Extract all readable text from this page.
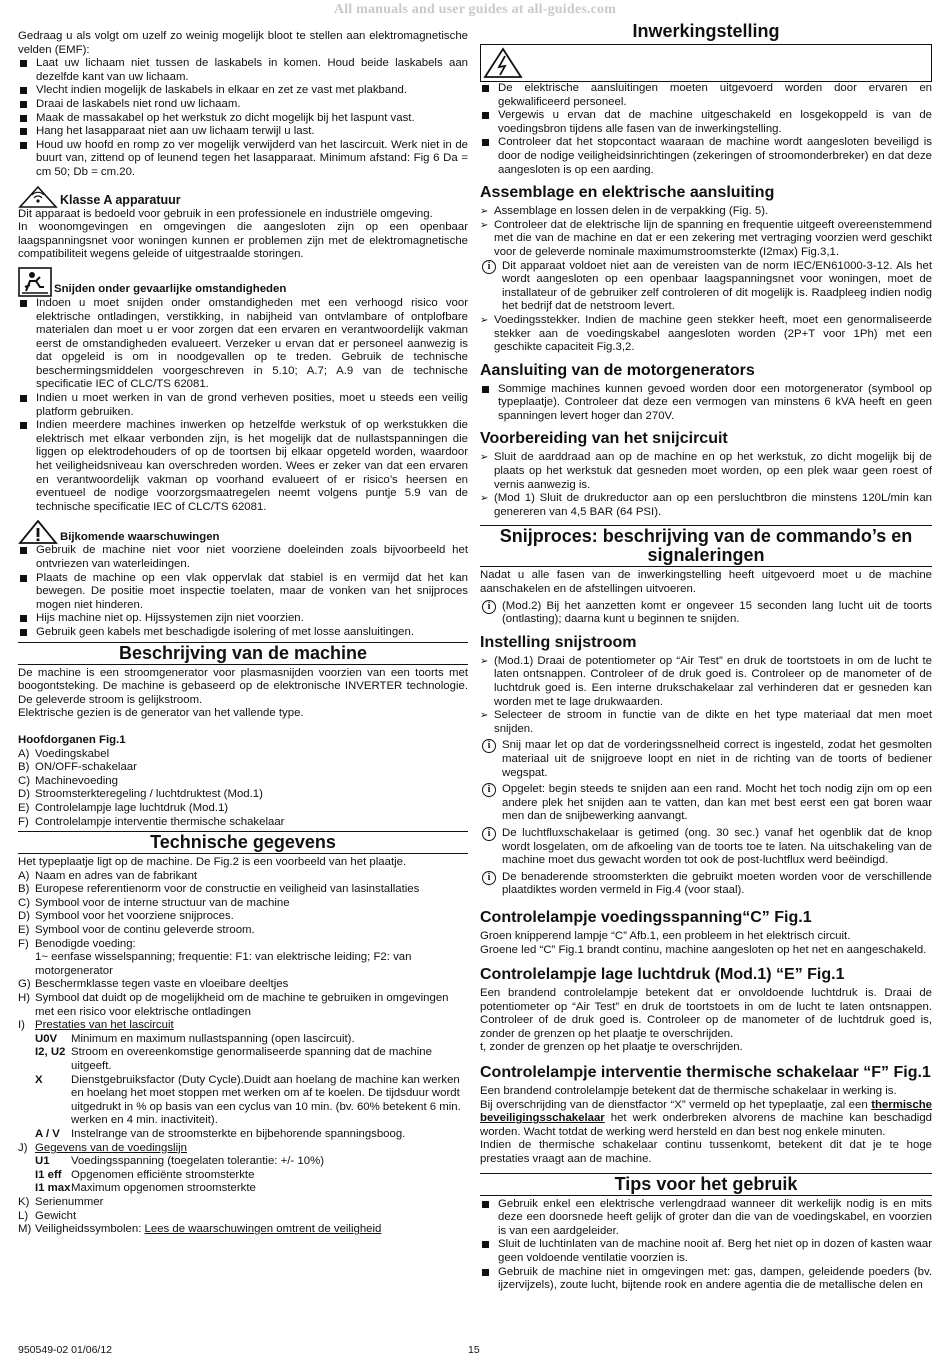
All manuals and user guides at all-guides.com

Gedraag u als volgt om uzelf zo weinig mogelijk bloot te stellen aan elektromagnetische velden (EMF):

Laat uw lichaam niet tussen de laskabels in komen. Houd beide laskabels aan dezelfde kant van uw lichaam.
Vlecht indien mogelijk de laskabels in elkaar en zet ze vast met plakband.
Draai de laskabels niet rond uw lichaam.
Maak de massakabel op het werkstuk zo dicht mogelijk bij het laspunt vast.
Hang het lasapparaat niet aan uw lichaam terwijl u last.
Houd uw hoofd en romp zo ver mogelijk verwijderd van het lascircuit. Werk niet in de buurt van, zittend op of leunend tegen het lasapparaat. Minimum afstand: Fig 6 Da = cm 50; Db = cm.20.
Klasse A apparatuur

Dit apparaat is bedoeld voor gebruik in een professionele en industriële omgeving.

In woonomgevingen en omgevingen die aangesloten zijn op een openbaar laagspanningsnet voor woningen kunnen er problemen zijn met de elektromagnetische compatibiliteit wegens geleide of uitgestraalde storingen.

Snijden onder gevaarlijke omstandigheden
Indoen u moet snijden onder omstandigheden met een verhoogd risico voor elektrische ontladingen, verstikking, in nabijheid van ontvlambare of ontplofbare materialen dan moet u er voor zorgen dat een ervaren en verantwoordelijk vakman eerst de omstandigheden evalueert. Verzeker u ervan dat er personeel aanwezig is dat opgeleid is om in noodgevallen op te treden. Gebruik de technische beschermingsmiddelen voorgeschreven in 5.10; A.7; A.9 van de technische specificatie IEC of CLC/TS 62081.
Indien u moet werken in van de grond verheven posities, moet u steeds een veilig platform gebruiken.
Indien meerdere machines inwerken op hetzelfde werkstuk of op werkstukken die elektrisch met elkaar verbonden zijn, is het mogelijk dat de nullastspanningen die liggen op elektrodehouders of op de toortsen bij elkaar opgeteld worden, waardoor het veiligheidsniveau kan overschreden worden. Wees er zeker van dat een ervaren en verantwoordelijk vakman op voorhand evalueert of er risico’s heersen en eventueel de nodige voorzorgsmaatregelen neemt volgens puntje 5.9 van de technische specificatie IEC of CLC/TS 62081.
Bijkomende waarschuwingen
Gebruik de machine niet voor niet voorziene doeleinden zoals bijvoorbeeld het ontvriezen van waterleidingen.
Plaats de machine op een vlak oppervlak dat stabiel is en vermijd dat het kan bewegen. De positie moet inspectie toelaten, maar de vonken van het snijproces mogen niet hinderen.
Hijs machine niet op. Hijssystemen zijn niet voorzien.
Gebruik geen kabels met beschadigde isolering of met losse aansluitingen.
Beschrijving van de machine

De machine is een stroomgenerator voor plasmasnijden voorzien van een toorts met boogontsteking. De machine is gebaseerd op de elektronische INVERTER technologie. De geleverde stroom is gelijkstroom.

Elektrische gezien is de generator van het vallende type.

Hoofdorganen Fig.1
A) Voedingskabel
B) ON/OFF-schakelaar
C) Machinevoeding
D) Stroomsterkteregeling / luchtdruktest (Mod.1)
E) Controlelampje lage luchtdruk (Mod.1)
F) Controlelampje interventie thermische schakelaar
Technische gegevens

Het typeplaatje ligt op de machine. De Fig.2 is een voorbeeld van het plaatje.

A) Naam en adres van de fabrikant
B) Europese referentienorm voor de constructie en veiligheid van lasinstallaties
C) Symbool voor de interne structuur van de machine
D) Symbool voor het voorziene snijproces.
E) Symbool voor de continu geleverde stroom.
F) Benodigde voeding:
1~ eenfase wisselspanning; frequentie: F1: van elektrische leiding; F2: van motorgenerator
G) Beschermklasse tegen vaste en vloeibare deeltjes
H) Symbool dat duidt op de mogelijkheid om de machine te gebruiken in omgevingen met een risico voor elektrische ontladingen
I) Prestaties van het lascircuit
U0V	Minimum en maximum nullastspanning (open lascircuit).
I2, U2 Stroom en overeenkomstige genormaliseerde spanning dat de machine uitgeeft.
X	Dienstgebruiksfactor (Duty Cycle).Duidt aan hoelang de machine kan werken en hoelang het moet stoppen met werken om af te koelen. De tijdsduur wordt uitgedrukt in % op basis van een cyclus van 10 min. (bv. 60% betekent 6 min. werken en 4 min. inactiviteit).
A / V Instelrange van de stroomsterkte en bijbehorende spanningsboog.
J) Gegevens van de voedingslijn
U1	Voedingsspanning (toegelaten tolerantie: +/- 10%)
I1 eff Opgenomen efficiënte stroomsterkte
I1 max Maximum opgenomen stroomsterkte
K) Serienummer
L) Gewicht
M) Veiligheidssymbolen: Lees de waarschuwingen omtrent de veiligheid
Inwerkingstelling
De elektrische aansluitingen moeten uitgevoerd worden door ervaren en gekwalificeerd personeel.
Vergewis u ervan dat de machine uitgeschakeld en losgekoppeld is van de voedingsbron tijdens alle fasen van de inwerkingstelling.
Controleer dat het stopcontact waaraan de machine wordt aangesloten beveiligd is door de nodige veiligheidsinrichtingen (zekeringen of stroomonderbreker) en dat deze aangesloten is op een aarding.
Assemblage en elektrische aansluiting
➢ Assemblage en lossen delen in de verpakking (Fig. 5).
➢ Controleer dat de elektrische lijn de spanning en frequentie uitgeeft overeenstemmend met die van de machine en dat er een zekering met vertraging voorzien werd geschikt voor de geleverde nominale maximumstroomsterkte (I2max) Fig.3,1.
i	Dit apparaat voldoet niet aan de vereisten van de norm IEC/EN61000-3-12. Als het wordt aangesloten op een openbaar laagspanningsnet voor woningen, moet de installateur of de gebruiker zelf controleren of dit mogelijk is. Raadpleeg indien nodig het bedrijf dat de netstroom levert.
➢ Voedingsstekker. Indien de machine geen stekker heeft, moet een genormaliseerde stekker aan de voedingskabel aangesloten worden (2P+T voor 1Ph) met een geschikte capaciteit Fig.3,2.
Aansluiting van de motorgenerators
Sommige machines kunnen gevoed worden door een motorgenerator (symbool op typeplaatje). Controleer dat deze een vermogen van minstens 6 kVA heeft en geen spanningen levert hoger dan 270V.
Voorbereiding van het snijcircuit
➢ Sluit de aarddraad aan op de machine en op het werkstuk, zo dicht mogelijk bij de plaats op het werkstuk dat gesneden moet worden, op een plek waar geen roest of vernis aanwezig is.
➢ (Mod 1) Sluit de drukreductor aan op een persluchtbron die minstens 120L/min kan genereren van 4,5 BAR (64 PSI).
Snijproces: beschrijving van de commando’s en signaleringen

Nadat u alle fasen van de inwerkingstelling heeft uitgevoerd moet u de machine aanschakelen en de afstellingen uitvoeren.

i	(Mod.2) Bij het aanzetten komt er ongeveer 15 seconden lang lucht uit de toorts (ontlasting); daarna kunt u beginnen te snijden.
Instelling snijstroom
➢ (Mod.1) Draai de potentiometer op “Air Test” en druk de toortstoets in om de lucht te laten ontsnappen. Controleer of de druk goed is. Controleer op de manometer of de luchtdruk goed is. Een interne drukschakelaar zal verhinderen dat er gesneden kan worden met te lage drukwaarden.
➢ Selecteer de stroom in functie van de dikte en het type materiaal dat men moet snijden.
i	Snij maar let op dat de vorderingssnelheid correct is ingesteld, zodat het gesmolten materiaal uit de snijgroeve loopt en niet in de richting van de toorts of bediener wegspat.
i	Opgelet: begin steeds te snijden aan een rand. Mocht het toch nodig zijn om op een andere plek het snijden aan te vatten, dan kan met best eerst een gat boren waar men dan de snijbewerking aanvangt.
i	De luchtfluxschakelaar is getimed (ong. 30 sec.) vanaf het ogenblik dat de knop wordt losgelaten, om de afkoeling van de toorts toe te laten. Na uitschakeling van de machine moet dus gewacht worden tot ook de post-luchtflux werd beëindigd.
i	De benaderende stroomsterkten die gebruikt moeten worden voor de verschillende plaatdiktes worden vermeld in Fig.4 (voor staal).
Controlelampje voedingsspanning“C” Fig.1

Groen knipperend lampje “C” Afb.1, een probleem in het elektrisch circuit.

Groene led “C” Fig.1 brandt continu, machine aangesloten op het net en aangeschakeld.

Controlelampje lage luchtdruk (Mod.1) “E” Fig.1

Een brandend controlelampje betekent dat er onvoldoende luchtdruk is. Draai de potentiometer op “Air Test” en druk de toortstoets in om de lucht te laten ontsnappen. Controleer of de druk goed is. Controleer op de manometer of de luchtdruk goed is, zonder de grenzen op het plaatje te overschrijden.

t, zonder de grenzen op het plaatje te overschrijden.

Controlelampje interventie thermische schakelaar “F” Fig.1

Een brandend controlelampje betekent dat de thermische schakelaar in werking is.

Bij overschrijding van de dienstfactor “X” vermeld op het typeplaatje, zal een thermische beveiligingsschakelaar het werk onderbreken alvorens de machine kan beschadigd worden. Wacht totdat de werking werd hersteld en dan best nog enkele minuten.

Indien de thermische schakelaar continu tussenkomt, betekent dit dat je te hoge prestaties vraagt aan de machine.

Tips voor het gebruik
Gebruik enkel een elektrische verlengdraad wanneer dit werkelijk nodig is en mits deze een doorsnede heeft gelijk of groter dan die van de voedingskabel, en voorzien is van een aardgeleider.
Sluit de luchtinlaten van de machine nooit af. Berg het niet op in dozen of kasten waar geen voldoende ventilatie voorzien is.
Gebruik de machine niet in omgevingen met: gas, dampen, geleidende poeders (bv. ijzervijzels), zoute lucht, bijtende rook en andere agentia die de metallische delen en
950549-02 01/06/12	15
